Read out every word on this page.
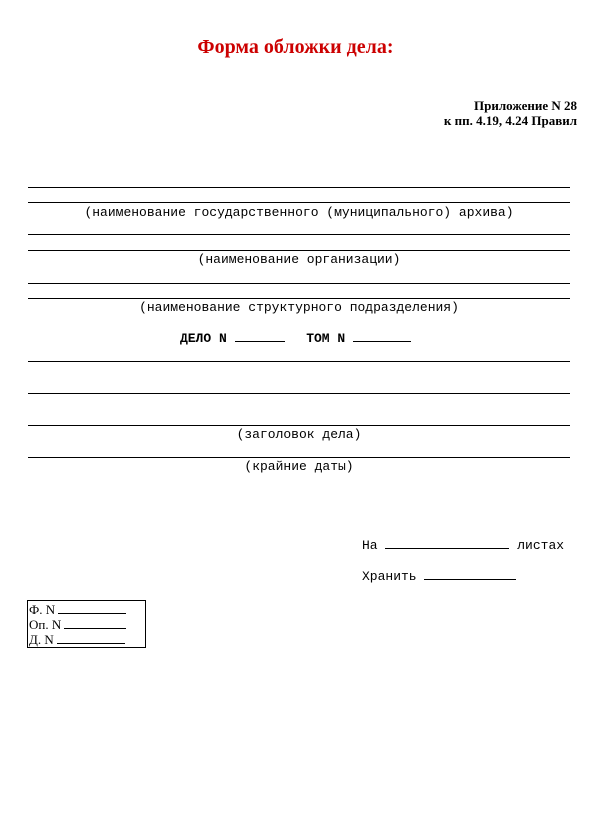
Форма обложки дела:
Приложение N 28
к пп. 4.19, 4.24 Правил
(наименование государственного (муниципального) архива)
(наименование организации)
(наименование структурного подразделения)
ДЕЛО N	ТОМ N
(заголовок дела)
(крайние даты)
На	листах
Хранить
Ф. N
Оп. N
Д. N
